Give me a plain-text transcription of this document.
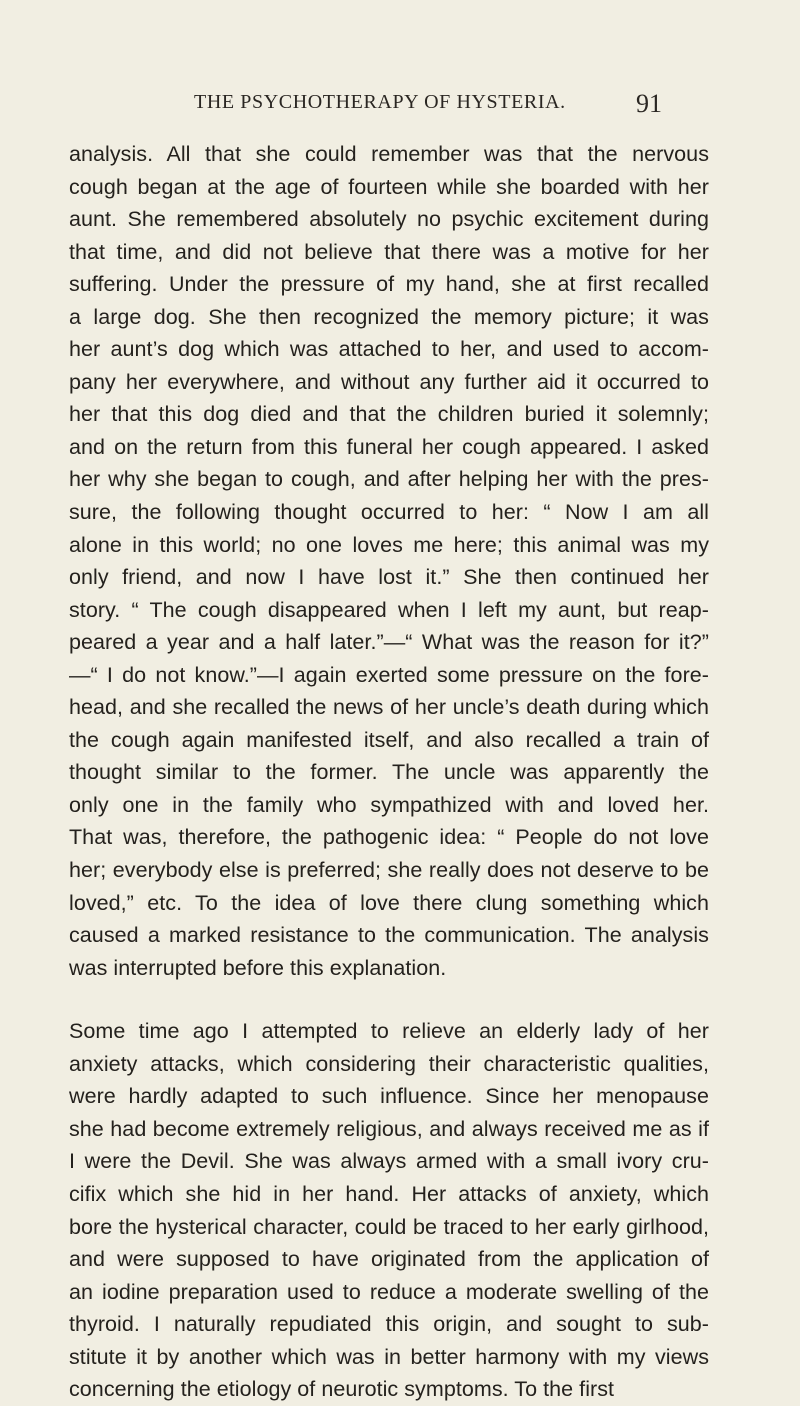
THE PSYCHOTHERAPY OF HYSTERIA.	91
analysis. All that she could remember was that the nervous
cough began at the age of fourteen while she boarded with her
aunt. She remembered absolutely no psychic excitement during
that time, and did not believe that there was a motive for her
suffering. Under the pressure of my hand, she at first recalled
a large dog. She then recognized the memory picture; it was
her aunt’s dog which was attached to her, and used to accom-
pany her everywhere, and without any further aid it occurred to
her that this dog died and that the children buried it solemnly;
and on the return from this funeral her cough appeared. I asked
her why she began to cough, and after helping her with the pres-
sure, the following thought occurred to her: “ Now I am all
alone in this world; no one loves me here; this animal was my
only friend, and now I have lost it.” She then continued her
story. “ The cough disappeared when I left my aunt, but reap-
peared a year and a half later.”—“ What was the reason for it?”
—“ I do not know.”—I again exerted some pressure on the fore-
head, and she recalled the news of her uncle’s death during which
the cough again manifested itself, and also recalled a train of
thought similar to the former. The uncle was apparently the
only one in the family who sympathized with and loved her.
That was, therefore, the pathogenic idea: “ People do not love
her; everybody else is preferred; she really does not deserve to be
loved,” etc. To the idea of love there clung something which
caused a marked resistance to the communication. The analysis
was interrupted before this explanation.
Some time ago I attempted to relieve an elderly lady of her
anxiety attacks, which considering their characteristic qualities,
were hardly adapted to such influence. Since her menopause
she had become extremely religious, and always received me as if
I were the Devil. She was always armed with a small ivory cru-
cifix which she hid in her hand. Her attacks of anxiety, which
bore the hysterical character, could be traced to her early girlhood,
and were supposed to have originated from the application of
an iodine preparation used to reduce a moderate swelling of the
thyroid. I naturally repudiated this origin, and sought to sub-
stitute it by another which was in better harmony with my views
concerning the etiology of neurotic symptoms. To the first
